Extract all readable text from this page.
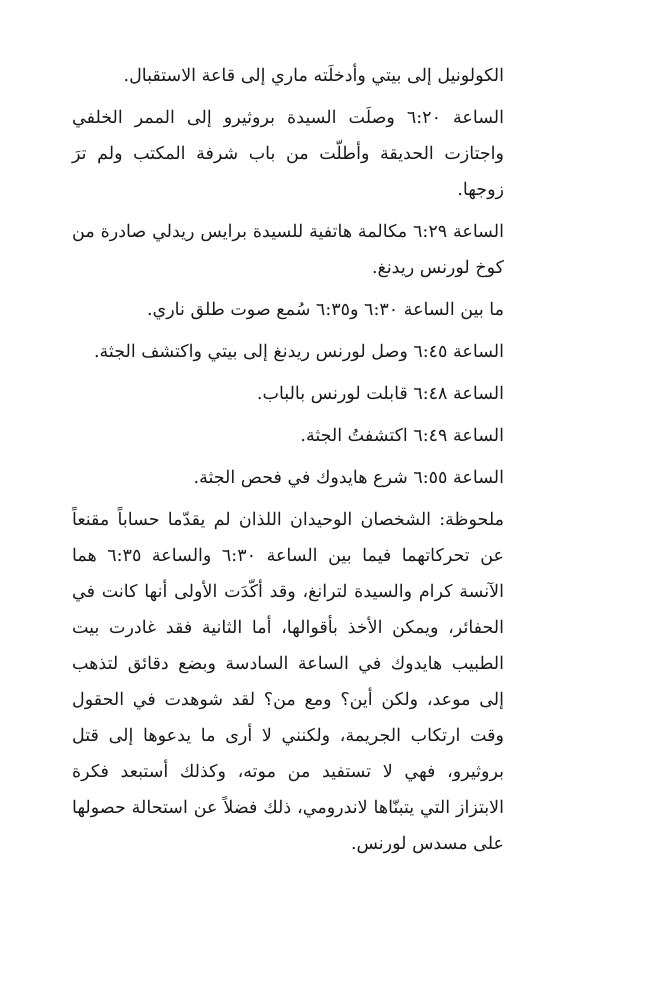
الكولونيل إلى بيتي وأدخلَته ماري إلى قاعة الاستقبال.

الساعة ٦:٢٠ وصلَت السيدة بروثيرو إلى الممر الخلفي واجتازت الحديقة وأطلّت من باب شرفة المكتب ولم ترَ زوجها.

الساعة ٦:٢٩ مكالمة هاتفية للسيدة برايس ريدلي صادرة من كوخ لورنس ريدنغ.

ما بين الساعة ٦:٣٠ و٦:٣٥ سُمع صوت طلق ناري.

الساعة ٦:٤٥ وصل لورنس ريدنغ إلى بيتي واكتشف الجثة.

الساعة ٦:٤٨ قابلت لورنس بالباب.

الساعة ٦:٤٩ اكتشفتُ الجثة.

الساعة ٦:٥٥ شرع هايدوك في فحص الجثة.

ملحوظة: الشخصان الوحيدان اللذان لم يقدّما حساباً مقنعاً عن تحركاتهما فيما بين الساعة ٦:٣٠ والساعة ٦:٣٥ هما الآنسة كرام والسيدة لترانغ، وقد أكّدَت الأولى أنها كانت في الحفائر، ويمكن الأخذ بأقوالها، أما الثانية فقد غادرت بيت الطبيب هايدوك في الساعة السادسة وبضع دقائق لتذهب إلى موعد، ولكن أين؟ ومع من؟ لقد شوهدت في الحقول وقت ارتكاب الجريمة، ولكنني لا أرى ما يدعوها إلى قتل بروثيرو، فهي لا تستفيد من موته، وكذلك أستبعد فكرة الابتزاز التي يتبنّاها لاندرومي، ذلك فضلاً عن استحالة حصولها على مسدس لورنس.
